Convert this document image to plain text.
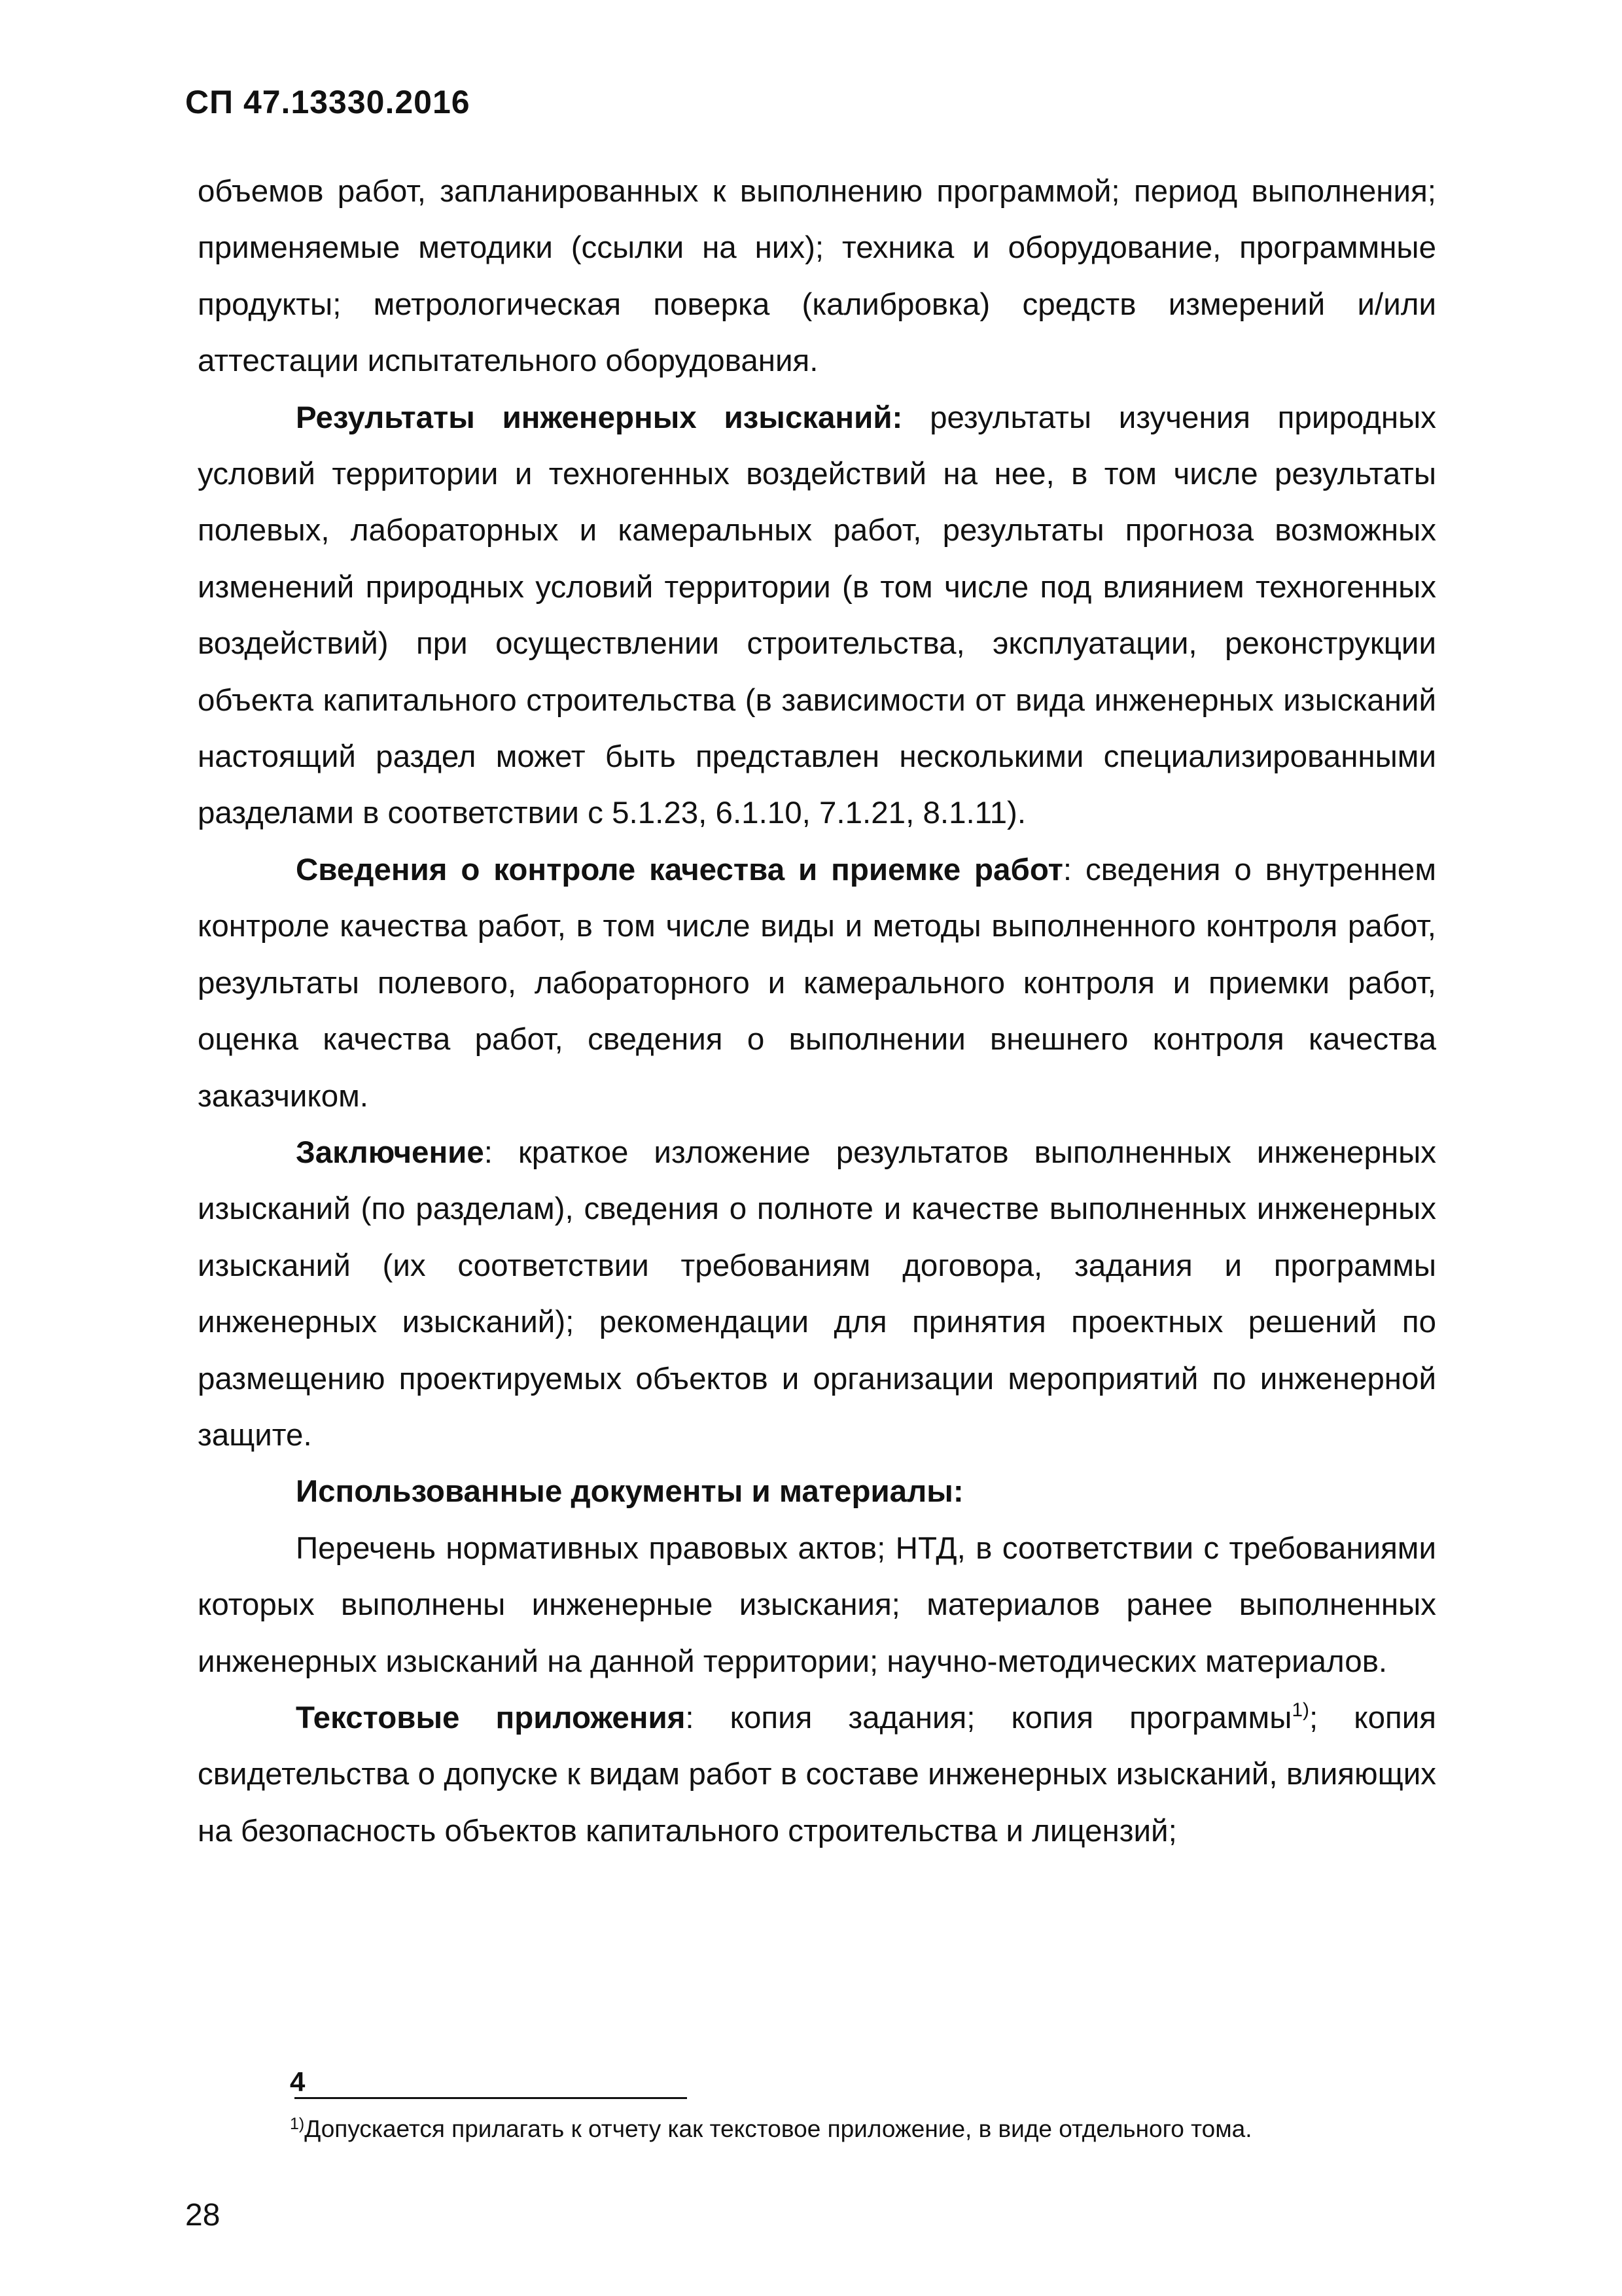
СП 47.13330.2016

объемов работ, запланированных к выполнению программой; период выполнения; применяемые методики (ссылки на них); техника и оборудование, программные продукты; метрологическая поверка (калибровка) средств измерений и/или аттестации испытательного оборудования.

Результаты инженерных изысканий: результаты изучения природных условий территории и техногенных воздействий на нее, в том числе результаты полевых, лабораторных и камеральных работ, результаты прогноза возможных изменений природных условий территории (в том числе под влиянием техногенных воздействий) при осуществлении строительства, эксплуатации, реконструкции объекта капитального строительства (в зависимости от вида инженерных изысканий настоящий раздел может быть представлен несколькими специализированными разделами в соответствии с 5.1.23, 6.1.10, 7.1.21, 8.1.11).

Сведения о контроле качества и приемке работ: сведения о внутреннем контроле качества работ, в том числе виды и методы выполненного контроля работ, результаты полевого, лабораторного и камерального контроля и приемки работ, оценка качества работ, сведения о выполнении внешнего контроля качества заказчиком.

Заключение: краткое изложение результатов выполненных инженерных изысканий (по разделам), сведения о полноте и качестве выполненных инженерных изысканий (их соответствии требованиям договора, задания и программы инженерных изысканий); рекомендации для принятия проектных решений по размещению проектируемых объектов и организации мероприятий по инженерной защите.

Использованные документы и материалы:

Перечень нормативных правовых актов; НТД, в соответствии с требованиями которых выполнены инженерные изыскания; материалов ранее выполненных инженерных изысканий на данной территории; научно-методических материалов.

Текстовые приложения: копия задания; копия программы$^{1)}$; копия свидетельства о допуске к видам работ в составе инженерных изысканий, влияющих на безопасность объектов капитального строительства и лицензий;

4
$^{1)}$Допускается прилагать к отчету как текстовое приложение, в виде отдельного тома.
28
